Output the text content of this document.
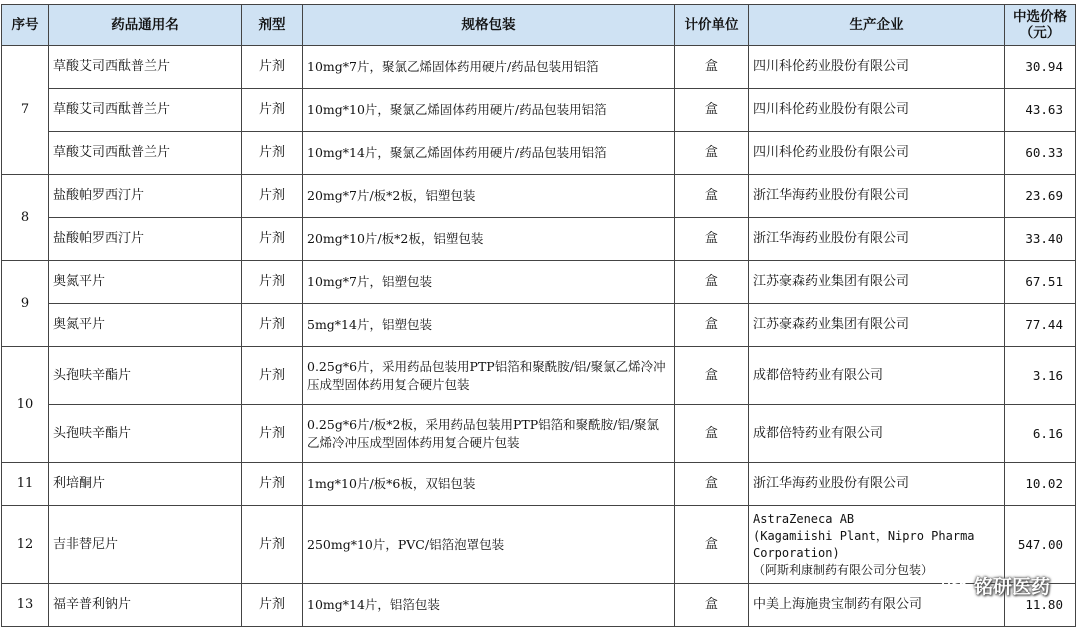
序号	药品通用名	剂型	规格包装	计价单位	生产企业	中选价格
（元）
7	草酸艾司西酞普兰片	片剂	10mg*7片，聚氯乙烯固体药用硬片/药品包装用铝箔	盒	四川科伦药业股份有限公司	30.94
	草酸艾司西酞普兰片	片剂	10mg*10片，聚氯乙烯固体药用硬片/药品包装用铝箔	盒	四川科伦药业股份有限公司	43.63
	草酸艾司西酞普兰片	片剂	10mg*14片，聚氯乙烯固体药用硬片/药品包装用铝箔	盒	四川科伦药业股份有限公司	60.33
8	盐酸帕罗西汀片	片剂	20mg*7片/板*2板，铝塑包装	盒	浙江华海药业股份有限公司	23.69
	盐酸帕罗西汀片	片剂	20mg*10片/板*2板，铝塑包装	盒	浙江华海药业股份有限公司	33.40
9	奥氮平片	片剂	10mg*7片，铝塑包装	盒	江苏豪森药业集团有限公司	67.51
	奥氮平片	片剂	5mg*14片，铝塑包装	盒	江苏豪森药业集团有限公司	77.44
10	头孢呋辛酯片	片剂	0.25g*6片，采用药品包装用PTP铝箔和聚酰胺/铝/聚氯乙烯冷冲压成型固体药用复合硬片包装	盒	成都倍特药业有限公司	3.16
	头孢呋辛酯片	片剂	0.25g*6片/板*2板，采用药品包装用PTP铝箔和聚酰胺/铝/聚氯乙烯冷冲压成型固体药用复合硬片包装	盒	成都倍特药业有限公司	6.16
11	利培酮片	片剂	1mg*10片/板*6板，双铝包装	盒	浙江华海药业股份有限公司	10.02
12	吉非替尼片	片剂	250mg*10片，PVC/铝箔泡罩包装	盒	AstraZeneca AB
(Kagamiishi Plant，Nipro Pharma Corporation)
（阿斯利康制药有限公司分包装）	547.00
13	福辛普利钠片	片剂	10mg*14片，铝箔包装	盒	中美上海施贵宝制药有限公司	11.80
铭研医药
